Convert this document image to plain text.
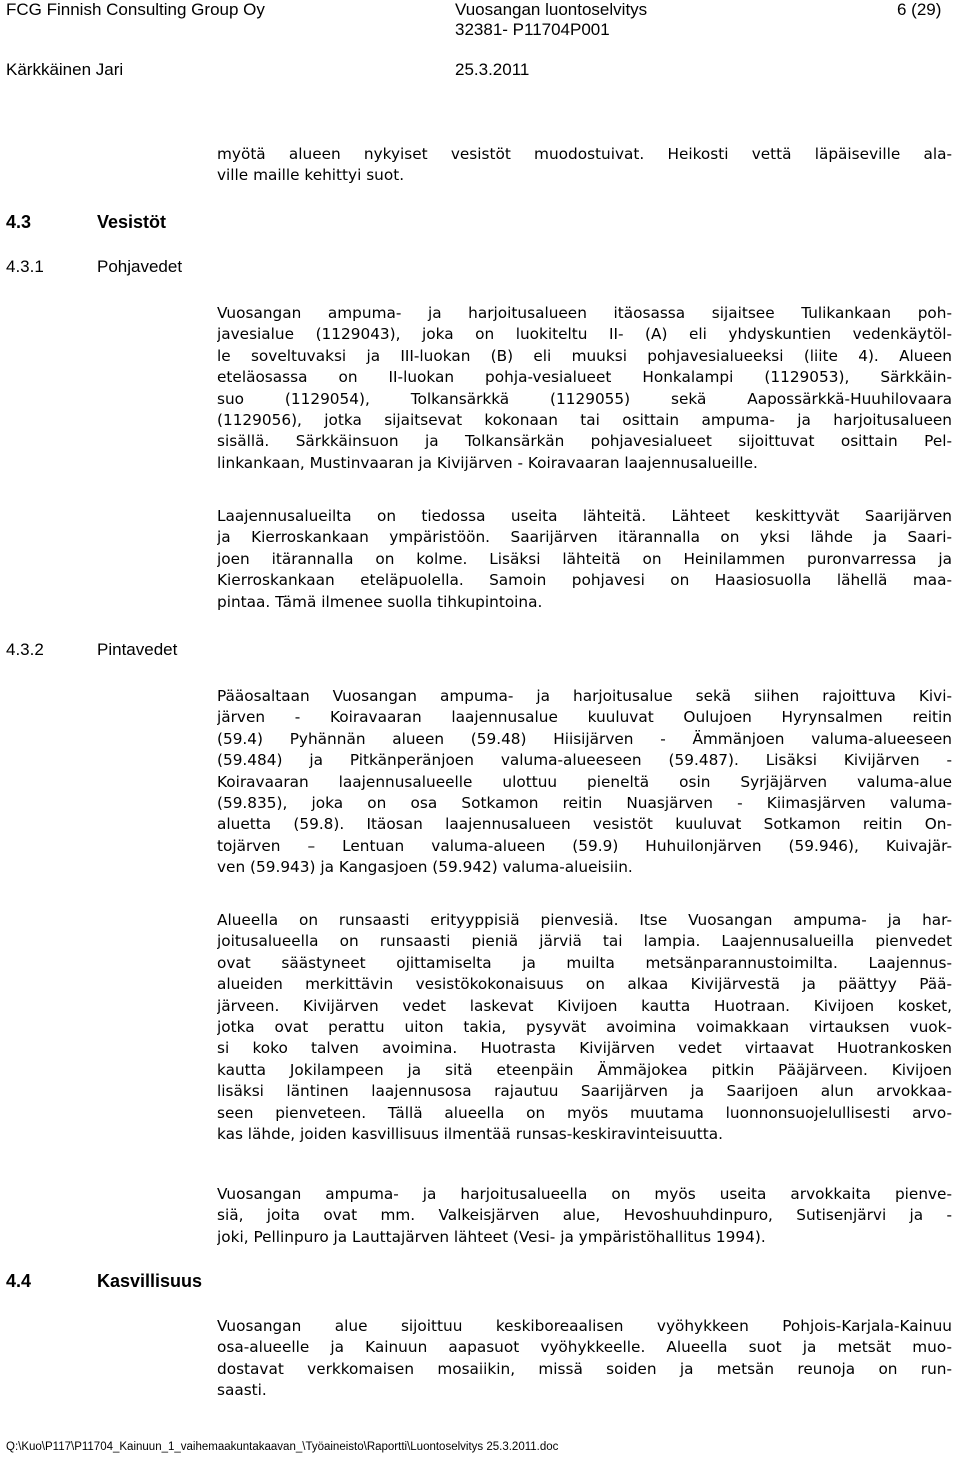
FCG Finnish Consulting Group Oy	Vuosangan luontoselvitys
32381- P11704P001
6 (29)
Kärkkäinen Jari	25.3.2011
myötä alueen nykyiset vesistöt muodostuivat. Heikosti vettä läpäiseville ala-
ville maille kehittyi suot.
4.3	Vesistöt
4.3.1	Pohjavedet
Vuosangan ampuma- ja harjoitusalueen itäosassa sijaitsee Tulikankaan poh-
javesialue (1129043), joka on luokiteltu II- (A) eli yhdyskuntien vedenkäytöl-
le soveltuvaksi ja III-luokan (B) eli muuksi pohjavesialueeksi (liite 4). Alueen
eteläosassa on II-luokan pohja-vesialueet Honkalampi (1129053), Särkkäin-
suo (1129054), Tolkansärkkä (1129055) sekä Aapossärkkä-Huuhilovaara
(1129056), jotka sijaitsevat kokonaan tai osittain ampuma- ja harjoitusalueen
sisällä. Särkkäinsuon ja Tolkansärkän pohjavesialueet sijoittuvat osittain Pel-
linkankaan, Mustinvaaran ja Kivijärven - Koiravaaran laajennusalueille.
Laajennusalueilta on tiedossa useita lähteitä. Lähteet keskittyvät Saarijärven
ja Kierroskankaan ympäristöön. Saarijärven itärannalla on yksi lähde ja Saari-
joen itärannalla on kolme. Lisäksi lähteitä on Heinilammen puronvarressa ja
Kierroskankaan eteläpuolella. Samoin pohjavesi on Haasiosuolla lähellä maa-
pintaa. Tämä ilmenee suolla tihkupintoina.
4.3.2	Pintavedet
Pääosaltaan Vuosangan ampuma- ja harjoitusalue sekä siihen rajoittuva Kivi-
järven - Koiravaaran laajennusalue kuuluvat Oulujoen Hyrynsalmen reitin
(59.4) Pyhännän alueen (59.48) Hiisijärven - Ämmänjoen valuma-alueeseen
(59.484) ja Pitkänperänjoen valuma-alueeseen (59.487). Lisäksi Kivijärven -
Koiravaaran laajennusalueelle ulottuu pieneltä osin Syrjäjärven valuma-alue
(59.835), joka on osa Sotkamon reitin Nuasjärven - Kiimasjärven valuma-
aluetta (59.8). Itäosan laajennusalueen vesistöt kuuluvat Sotkamon reitin On-
tojärven – Lentuan valuma-alueen (59.9) Huhuilonjärven (59.946), Kuivajär-
ven (59.943) ja Kangasjoen (59.942) valuma-alueisiin.
Alueella on runsaasti erityyppisiä pienvesiä. Itse Vuosangan ampuma- ja har-
joitusalueella on runsaasti pieniä järviä tai lampia. Laajennusalueilla pienvedet
ovat säästyneet ojittamiselta ja muilta metsänparannustoimilta. Laajennus-
alueiden merkittävin vesistökokonaisuus on alkaa Kivijärvestä ja päättyy Pää-
järveen. Kivijärven vedet laskevat Kivijoen kautta Huotraan. Kivijoen kosket,
jotka ovat perattu uiton takia, pysyvät avoimina voimakkaan virtauksen vuok-
si koko talven avoimina. Huotrasta Kivijärven vedet virtaavat Huotrankosken
kautta Jokilampeen ja sitä eteenpäin Ämmäjokea pitkin Pääjärveen. Kivijoen
lisäksi läntinen laajennusosa rajautuu Saarijärven ja Saarijoen alun arvokkaa-
seen pienveteen. Tällä alueella on myös muutama luonnonsuojelullisesti arvo-
kas lähde, joiden kasvillisuus ilmentää runsas-keskiravinteisuutta.
Vuosangan ampuma- ja harjoitusalueella on myös useita arvokkaita pienve-
siä, joita ovat mm. Valkeisjärven alue, Hevoshuuhdinpuro, Sutisenjärvi ja -
joki, Pellinpuro ja Lauttajärven lähteet (Vesi- ja ympäristöhallitus 1994).
4.4	Kasvillisuus
Vuosangan alue sijoittuu keskiboreaalisen vyöhykkeen Pohjois-Karjala-Kainuu
osa-alueelle ja Kainuun aapasuot vyöhykkeelle. Alueella suot ja metsät muo-
dostavat verkkomaisen mosaiikin, missä soiden ja metsän reunoja on run-
saasti.
Q:\Kuo\P117\P11704_Kainuun_1_vaihemaakuntakaavan_\Työaineisto\Raportti\Luontoselvitys 25.3.2011.doc
